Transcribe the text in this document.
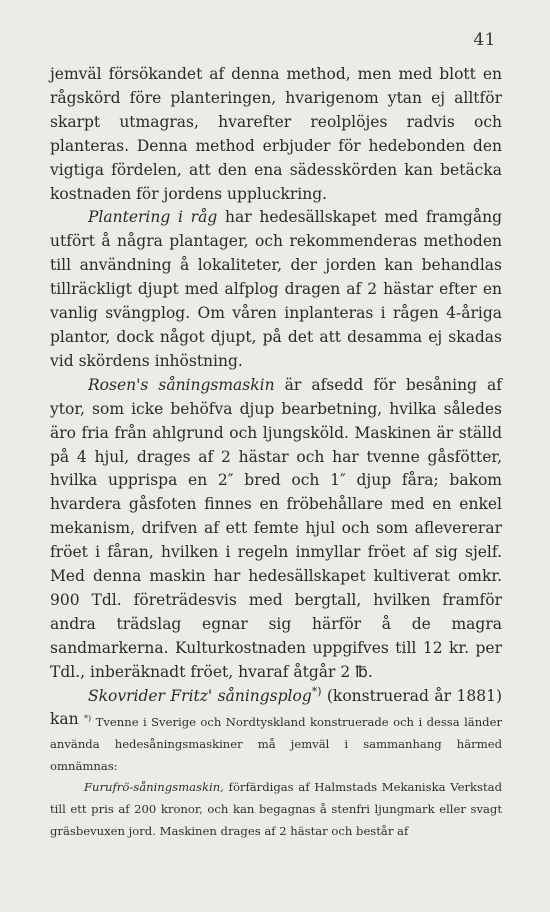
41

jemväl försökandet af denna method, men med blott en rågskörd före planteringen, hvarigenom ytan ej alltför skarpt utmagras, hvarefter reolplöjes radvis och planteras. Denna method erbjuder för hedebonden den vigtiga fördelen, att den ena sädesskörden kan betäcka kostnaden för jordens uppluckring.

Plantering i råg har hedesällskapet med framgång utfört å några plantager, och rekommenderas methoden till användning å lokaliteter, der jorden kan behandlas tillräckligt djupt med alfplog dragen af 2 hästar efter en vanlig svängplog. Om våren inplanteras i rågen 4-åriga plantor, dock något djupt, på det att desamma ej skadas vid skördens inhöstning.

Rosen's såningsmaskin är afsedd för besåning af ytor, som icke behöfva djup bearbetning, hvilka således äro fria från ahlgrund och ljungsköld. Maskinen är ställd på 4 hjul, drages af 2 hästar och har tvenne gåsfötter, hvilka upprispa en 2″ bred och 1″ djup fåra; bakom hvardera gåsfoten finnes en fröbehållare med en enkel mekanism, drifven af ett femte hjul och som aflevererar fröet i fåran, hvilken i regeln inmyllar fröet af sig sjelf. Med denna maskin har hedesällskapet kultiverat omkr. 900 Tdl. företrädesvis med bergtall, hvilken framför andra trädslag egnar sig härför å de magra sandmarkerna. Kulturkostnaden uppgifves till 12 kr. per Tdl., inberäknadt fröet, hvaraf åtgår 2 ℔.

Skovrider Fritz' såningsplog*) (konstruerad år 1881) kan *) Tvenne i Sverige och Nordtyskland konstruerade och i dessa länder använda hedesåningsmaskiner må jemväl i sammanhang härmed omnämnas:

Furufrö-såningsmaskin, förfärdigas af Halmstads Mekaniska Verkstad till ett pris af 200 kronor, och kan begagnas å stenfri ljungmark eller svagt gräsbevuxen jord. Maskinen drages af 2 hästar och består af
